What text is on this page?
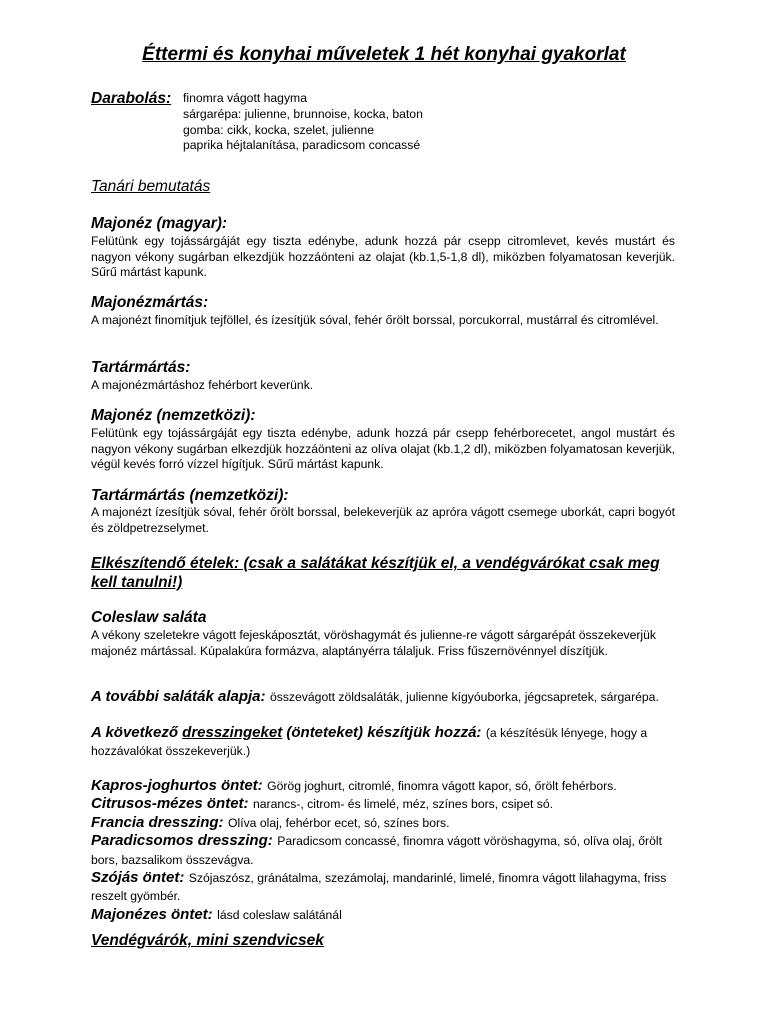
Éttermi és konyhai műveletek 1 hét konyhai gyakorlat
Darabolás: finomra vágott hagyma
sárgarépa: julienne, brunnoise, kocka, baton
gomba: cikk, kocka, szelet, julienne
paprika héjtalanítása, paradicsom concassé
Tanári bemutatás
Majonéz (magyar):
Felütünk egy tojássárgáját egy tiszta edénybe, adunk hozzá pár csepp citromlevet, kevés mustárt és nagyon vékony sugárban elkezdjük hozzáönteni az olajat (kb.1,5-1,8 dl), miközben folyamatosan keverjük. Sűrű mártást kapunk.
Majonézmártás:
A majonézt finomítjuk tejföllel, és ízesítjük sóval, fehér őrölt borssal, porcukorral, mustárral és citromlével.
Tartármártás:
A majonézmártáshoz fehérbort keverünk.
Majonéz (nemzetközi):
Felütünk egy tojássárgáját egy tiszta edénybe, adunk hozzá pár csepp fehérborecetet, angol mustárt és nagyon vékony sugárban elkezdjük hozzáönteni az olíva olajat (kb.1,2 dl), miközben folyamatosan keverjük, végül kevés forró vízzel hígítjuk. Sűrű mártást kapunk.
Tartármártás (nemzetközi):
A majonézt ízesítjük sóval, fehér őrölt borssal, belekeverjük az apróra vágott csemege uborkát, capri bogyót és zöldpetrezselymet.
Elkészítendő ételek: (csak a salátákat készítjük el, a vendégvárókat csak meg kell tanulni!)
Coleslaw saláta
A vékony szeletekre vágott fejeskáposztát, vöröshagymát és julienne-re vágott sárgarépát összekeverjük majonéz mártással. Kúpalakúra formázva, alaptányérra tálaljuk. Friss fűszernövénnyel díszítjük.
A további saláták alapja: összevágott zöldsaláták, julienne kígyóuborka, jégcsapretek, sárgarépa.
A következő dresszingeket (önteteket) készítjük hozzá: (a készítésük lényege, hogy a hozzávalókat összekeverjük.)
Kapros-joghurtos öntet: Görög joghurt, citromlé, finomra vágott kapor, só, őrölt fehérbors.
Citrusos-mézes öntet: narancs-, citrom- és limelé, méz, színes bors, csipet só.
Francia dresszing: Olíva olaj, fehérbor ecet, só, színes bors.
Paradicsomos dresszing: Paradicsom concassé, finomra vágott vöröshagyma, só, olíva olaj, őrölt bors, bazsalikom összevágva.
Szójás öntet: Szójaszósz, gránátalma, szezámolaj, mandarinlé, limelé, finomra vágott lilahagyma, friss reszelt gyömbér.
Majonézes öntet: lásd coleslaw salátánál
Vendégvárók, mini szendvicsek
